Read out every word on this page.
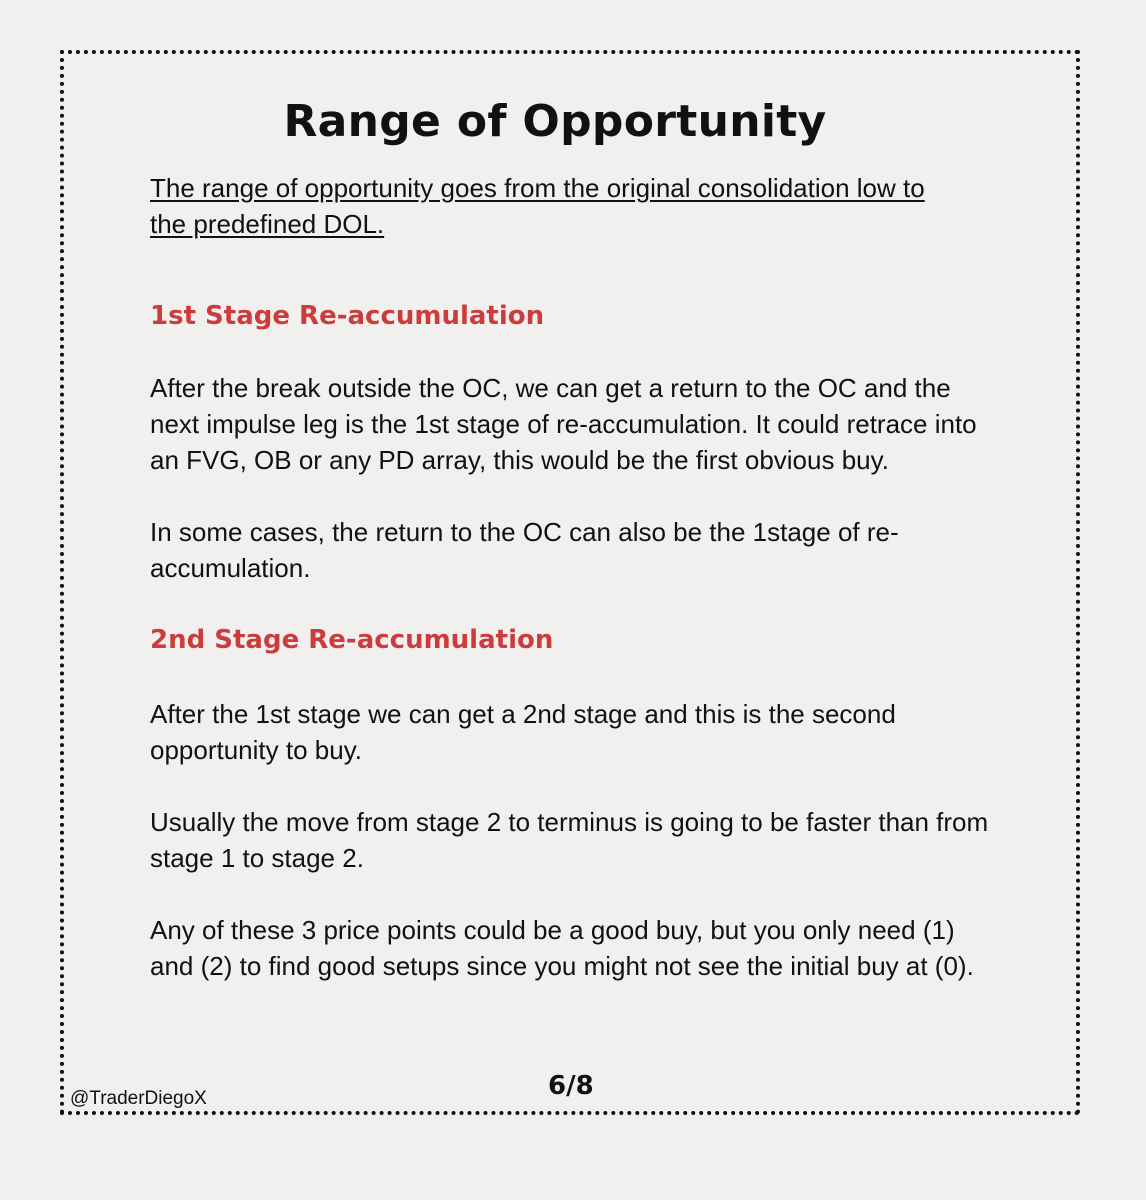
Range of Opportunity

The range of opportunity goes from the original consolidation low to the predefined DOL.

1st Stage Re-accumulation

After the break outside the OC, we can get a return to the OC and the next impulse leg is the 1st stage of re-accumulation. It could retrace into an FVG, OB or any PD array, this would be the first obvious buy.

In some cases, the return to the OC can also be the 1stage of re-accumulation.

2nd Stage Re-accumulation

After the 1st stage we can get a 2nd stage and this is the second opportunity to buy.

Usually the move from stage 2 to terminus is going to be faster than from stage 1 to stage 2.

Any of these 3 price points could be a good buy, but you only need (1) and (2) to find good setups since you might not see the initial buy at (0).

@TraderDiegoX	6/8
